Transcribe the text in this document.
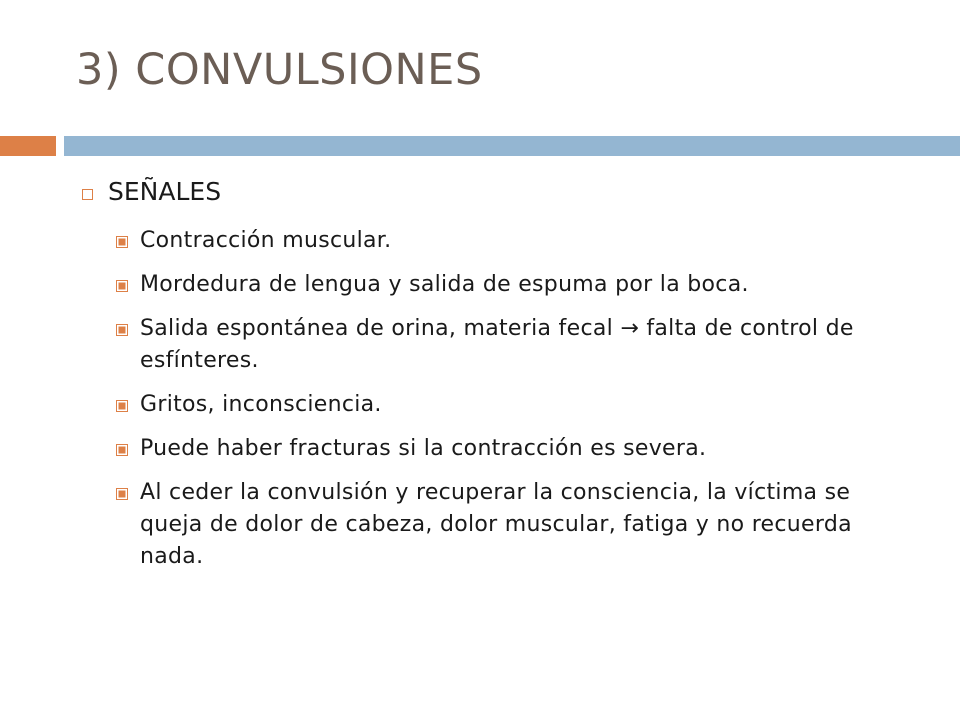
3) CONVULSIONES
SEÑALES
Contracción muscular.
Mordedura de lengua y salida de espuma por la boca.
Salida espontánea de orina, materia fecal → falta de control de esfínteres.
Gritos, inconsciencia.
Puede haber fracturas si la contracción es severa.
Al ceder la convulsión y recuperar la consciencia, la víctima se queja de dolor de cabeza, dolor muscular, fatiga y no recuerda nada.
